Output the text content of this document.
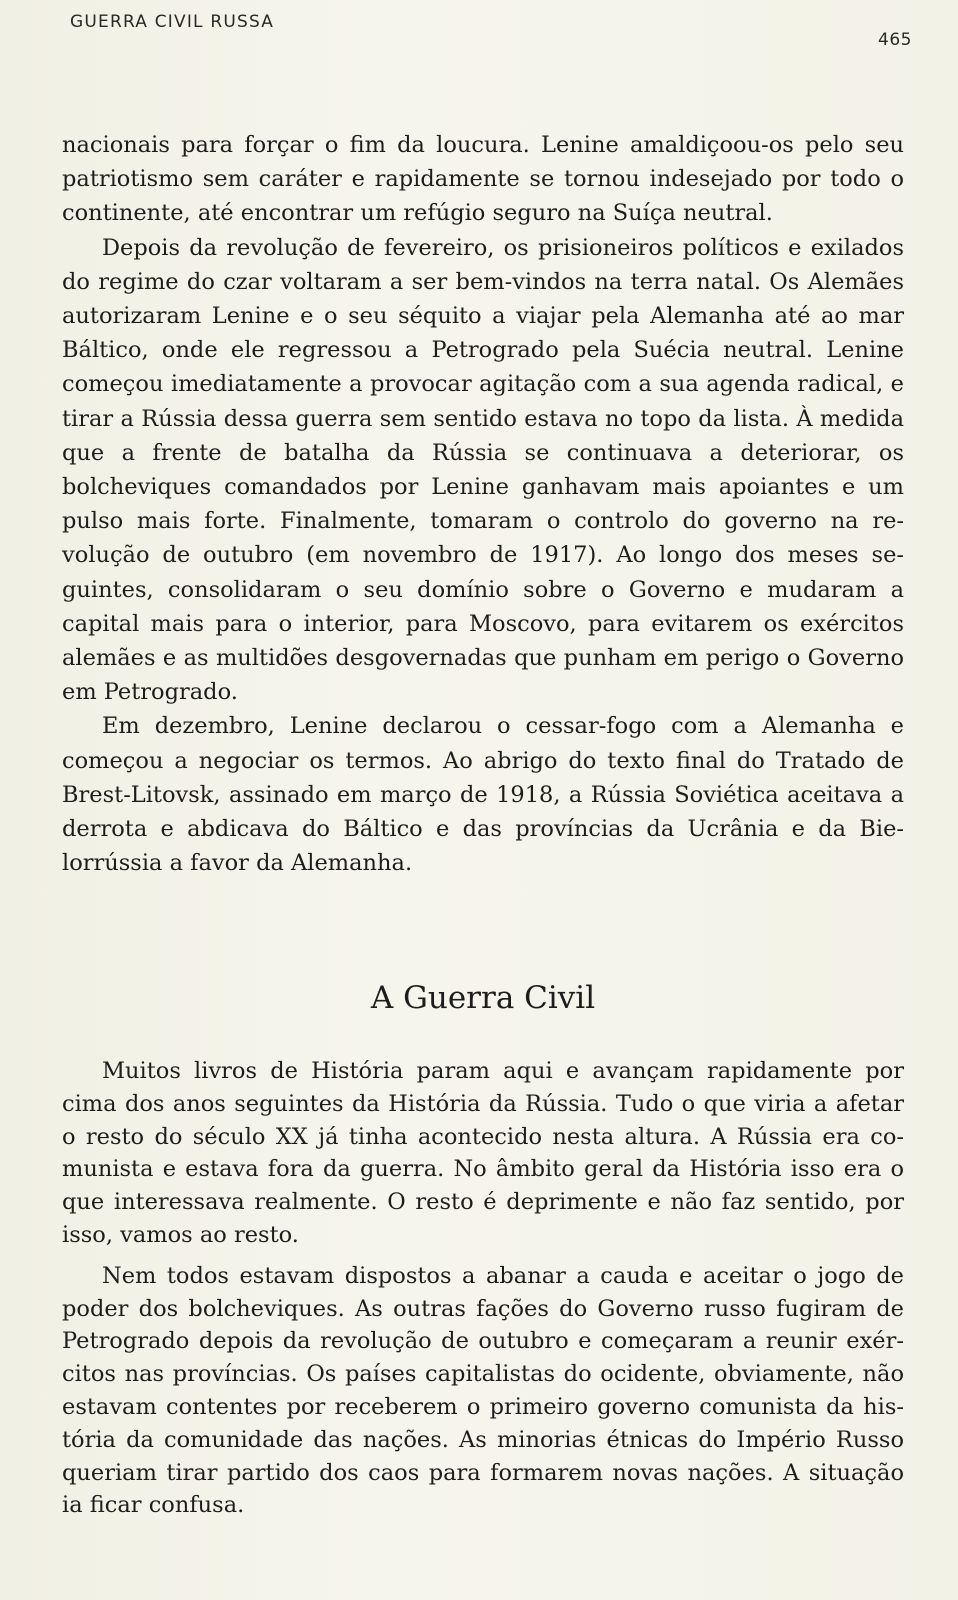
GUERRA CIVIL RUSSA
465

nacionais para forçar o fim da loucura. Lenine amaldiçoou-os pelo seu patriotismo sem caráter e rapidamente se tornou indesejado por todo o continente, até encontrar um refúgio seguro na Suíça neutral.

Depois da revolução de fevereiro, os prisioneiros políticos e exilados do regime do czar voltaram a ser bem-vindos na terra natal. Os Alemães autorizaram Lenine e o seu séquito a viajar pela Alemanha até ao mar Báltico, onde ele regressou a Petrogrado pela Suécia neutral. Lenine começou imediatamente a provocar agitação com a sua agenda radical, e tirar a Rússia dessa guerra sem sentido estava no topo da lista. À medida que a frente de batalha da Rússia se continuava a deteriorar, os bolcheviques comandados por Lenine ganhavam mais apoiantes e um pulso mais forte. Finalmente, tomaram o controlo do governo na revolução de outubro (em novembro de 1917). Ao longo dos meses seguintes, consolidaram o seu domínio sobre o Governo e mudaram a capital mais para o interior, para Moscovo, para evitarem os exércitos alemães e as multidões desgovernadas que punham em perigo o Governo em Petrogrado.

Em dezembro, Lenine declarou o cessar-fogo com a Alemanha e começou a negociar os termos. Ao abrigo do texto final do Tratado de Brest-Litovsk, assinado em março de 1918, a Rússia Soviética aceitava a derrota e abdicava do Báltico e das províncias da Ucrânia e da Bielorrússia a favor da Alemanha.

A Guerra Civil

Muitos livros de História param aqui e avançam rapidamente por cima dos anos seguintes da História da Rússia. Tudo o que viria a afetar o resto do século XX já tinha acontecido nesta altura. A Rússia era comunista e estava fora da guerra. No âmbito geral da História isso era o que interessava realmente. O resto é deprimente e não faz sentido, por isso, vamos ao resto.

Nem todos estavam dispostos a abanar a cauda e aceitar o jogo de poder dos bolcheviques. As outras fações do Governo russo fugiram de Petrogrado depois da revolução de outubro e começaram a reunir exércitos nas províncias. Os países capitalistas do ocidente, obviamente, não estavam contentes por receberem o primeiro governo comunista da história da comunidade das nações. As minorias étnicas do Império Russo queriam tirar partido dos caos para formarem novas nações. A situação ia ficar confusa.
